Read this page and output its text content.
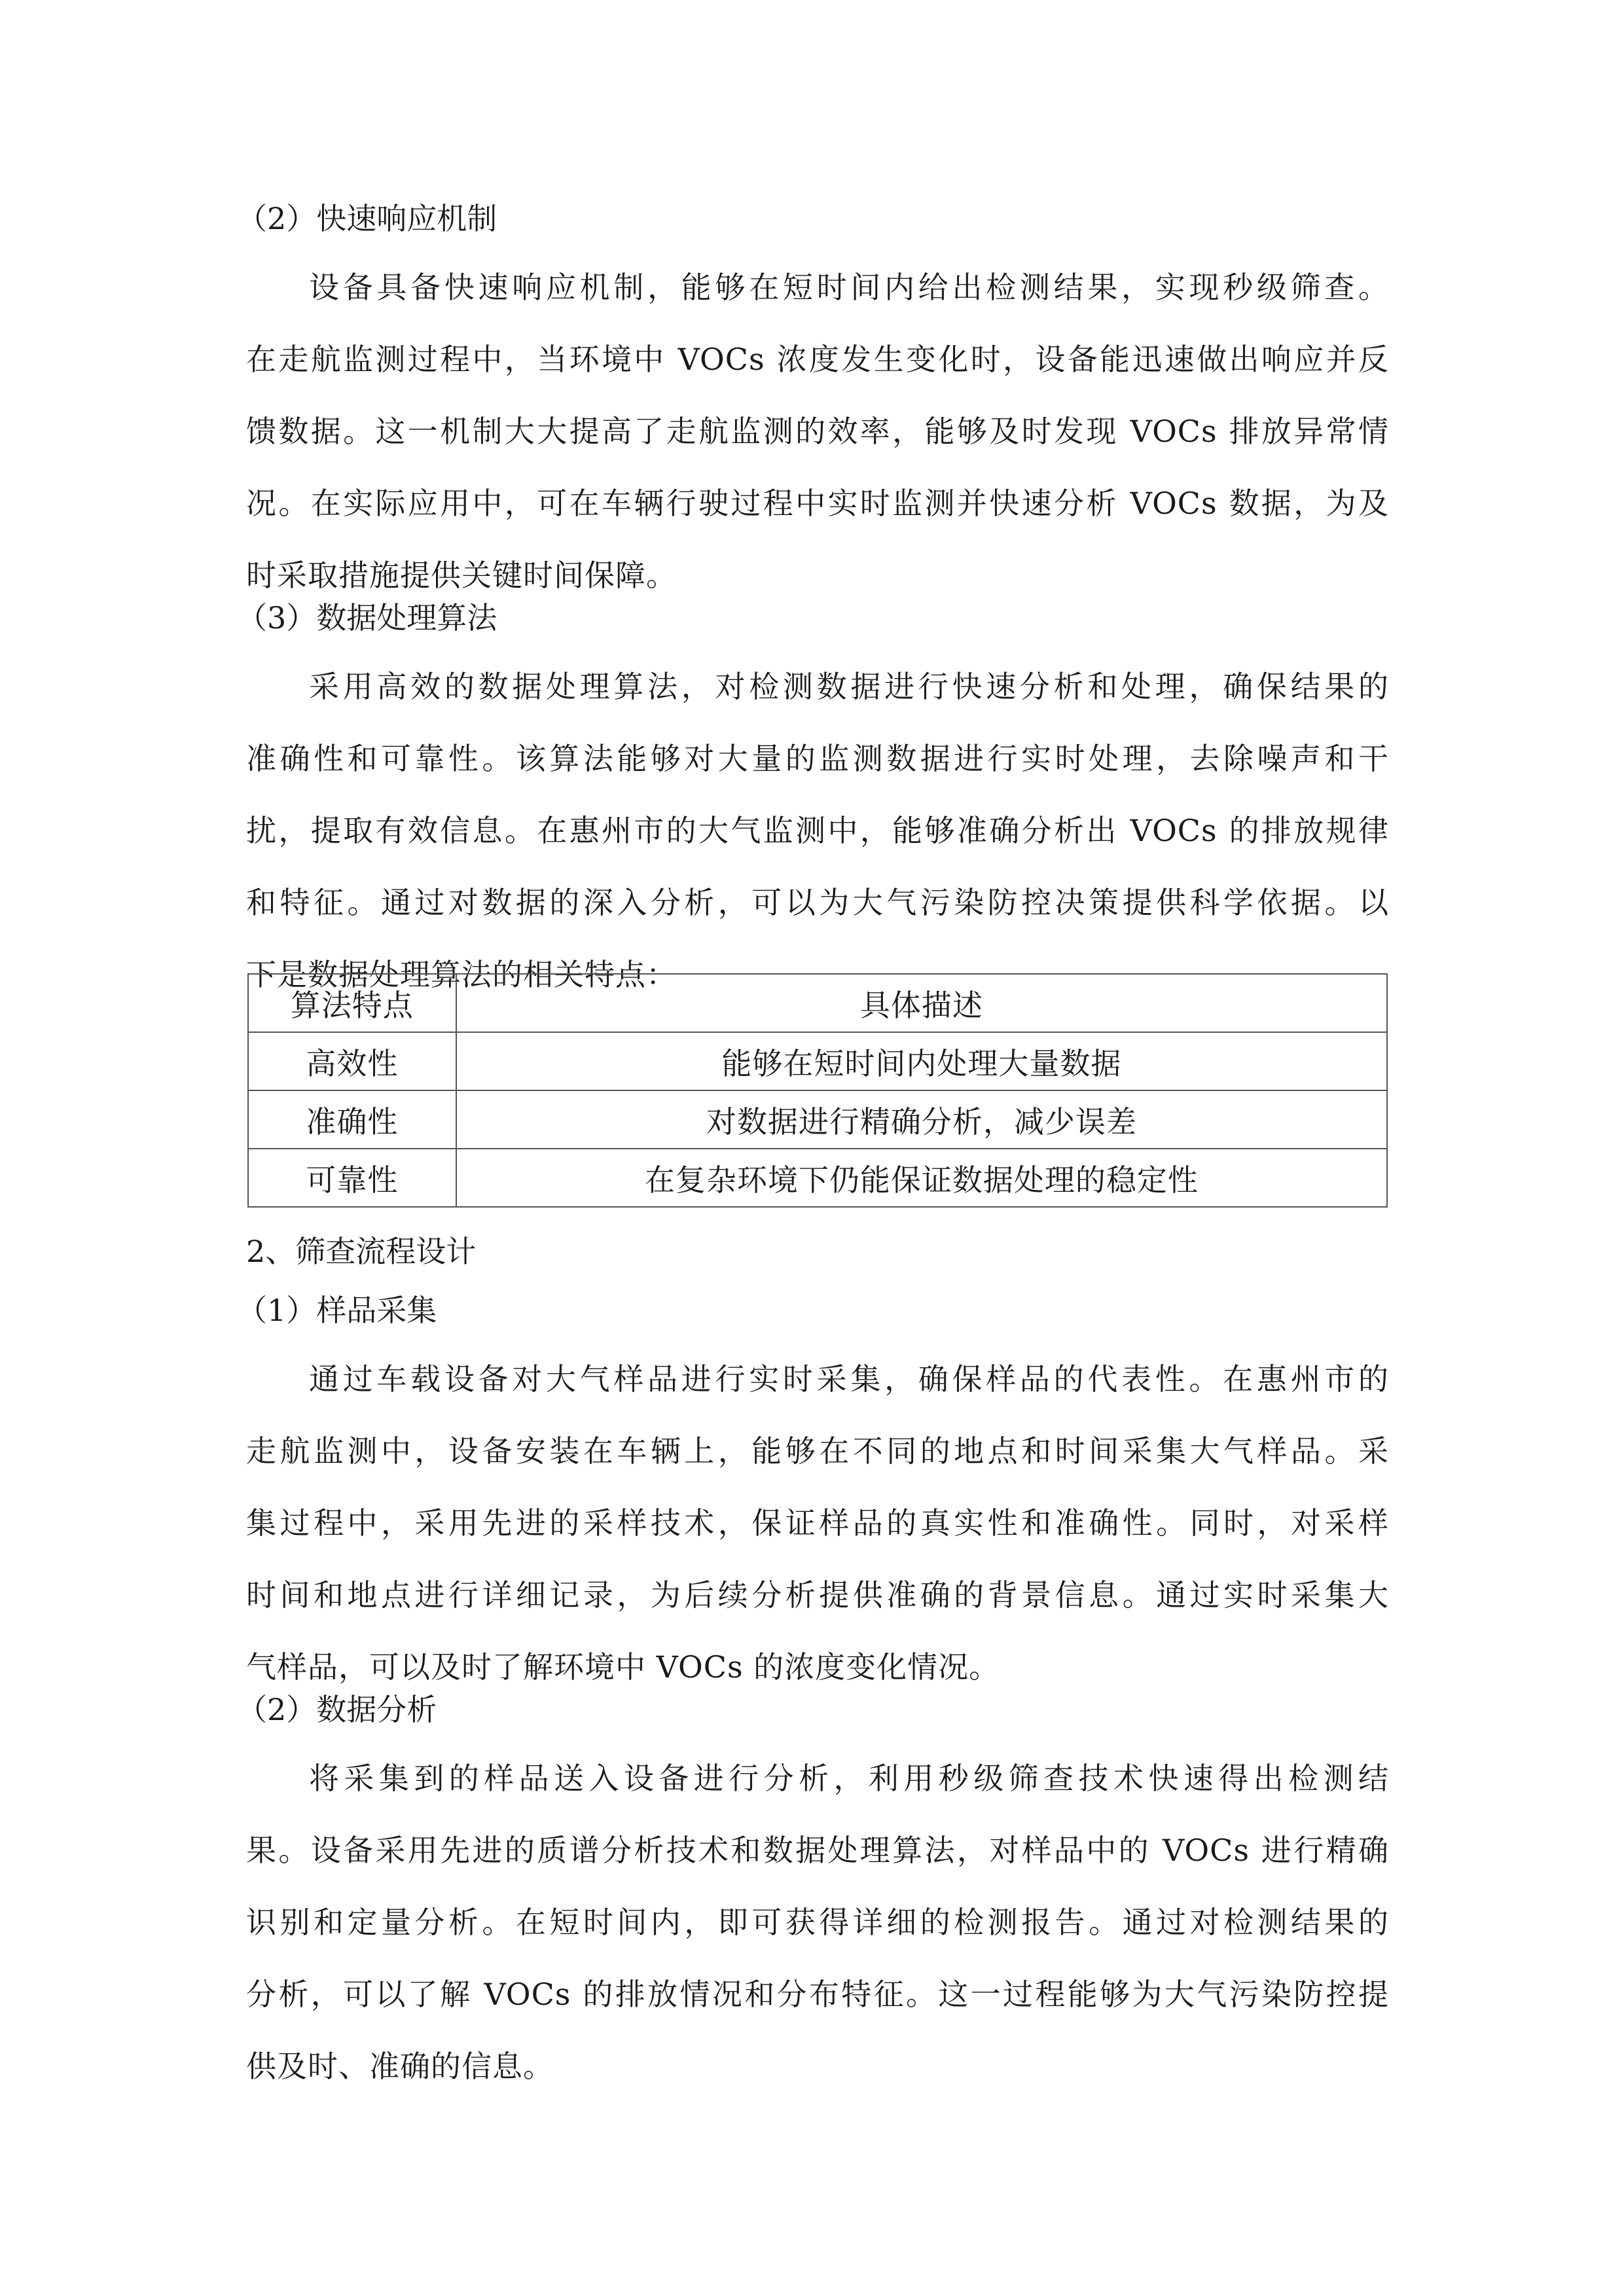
（2）快速响应机制
设备具备快速响应机制，能够在短时间内给出检测结果，实现秒级筛查。
在走航监测过程中，当环境中 VOCs 浓度发生变化时，设备能迅速做出响应并反
馈数据。这一机制大大提高了走航监测的效率，能够及时发现 VOCs 排放异常情
况。在实际应用中，可在车辆行驶过程中实时监测并快速分析 VOCs 数据，为及
时采取措施提供关键时间保障。
（3）数据处理算法
采用高效的数据处理算法，对检测数据进行快速分析和处理，确保结果的
准确性和可靠性。该算法能够对大量的监测数据进行实时处理，去除噪声和干
扰，提取有效信息。在惠州市的大气监测中，能够准确分析出 VOCs 的排放规律
和特征。通过对数据的深入分析，可以为大气污染防控决策提供科学依据。以
下是数据处理算法的相关特点：
算法特点	具体描述
高效性	能够在短时间内处理大量数据
准确性	对数据进行精确分析，减少误差
可靠性	在复杂环境下仍能保证数据处理的稳定性
2、筛查流程设计
（1）样品采集
通过车载设备对大气样品进行实时采集，确保样品的代表性。在惠州市的
走航监测中，设备安装在车辆上，能够在不同的地点和时间采集大气样品。采
集过程中，采用先进的采样技术，保证样品的真实性和准确性。同时，对采样
时间和地点进行详细记录，为后续分析提供准确的背景信息。通过实时采集大
气样品，可以及时了解环境中 VOCs 的浓度变化情况。
（2）数据分析
将采集到的样品送入设备进行分析，利用秒级筛查技术快速得出检测结
果。设备采用先进的质谱分析技术和数据处理算法，对样品中的 VOCs 进行精确
识别和定量分析。在短时间内，即可获得详细的检测报告。通过对检测结果的
分析，可以了解 VOCs 的排放情况和分布特征。这一过程能够为大气污染防控提
供及时、准确的信息。
